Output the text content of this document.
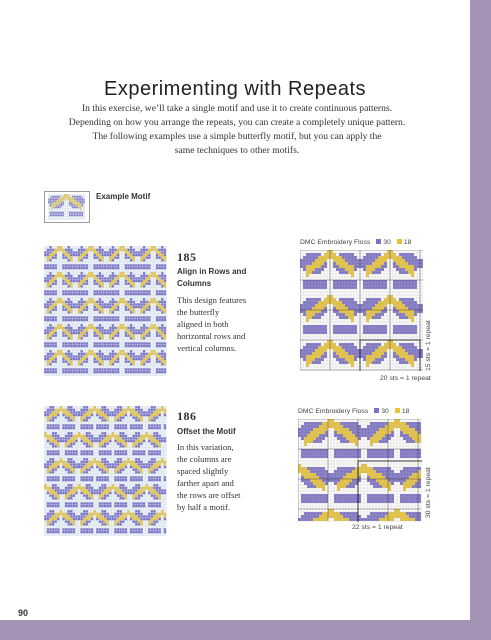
Experimenting with Repeats
In this exercise, we’ll take a single motif and use it to create continuous patterns.
Depending on how you arrange the repeats, you can create a completely unique pattern.
The following examples use a simple butterfly motif, but you can apply the
same techniques to other motifs.
Example Motif
185
Align in Rows and Columns
This design features
the butterfly
aligned in both
horizontal rows and
vertical columns.
DMC Embroidery Floss 30 18
20 sts = 1 repeat
15 sts = 1 repeat
186
Offset the Motif
In this variation,
the columns are
spaced slightly
farther apart and
the rows are offset
by half a motif.
DMC Embroidery Floss 30 18
22 sts = 1 repeat
30 sts = 1 repeat
90
